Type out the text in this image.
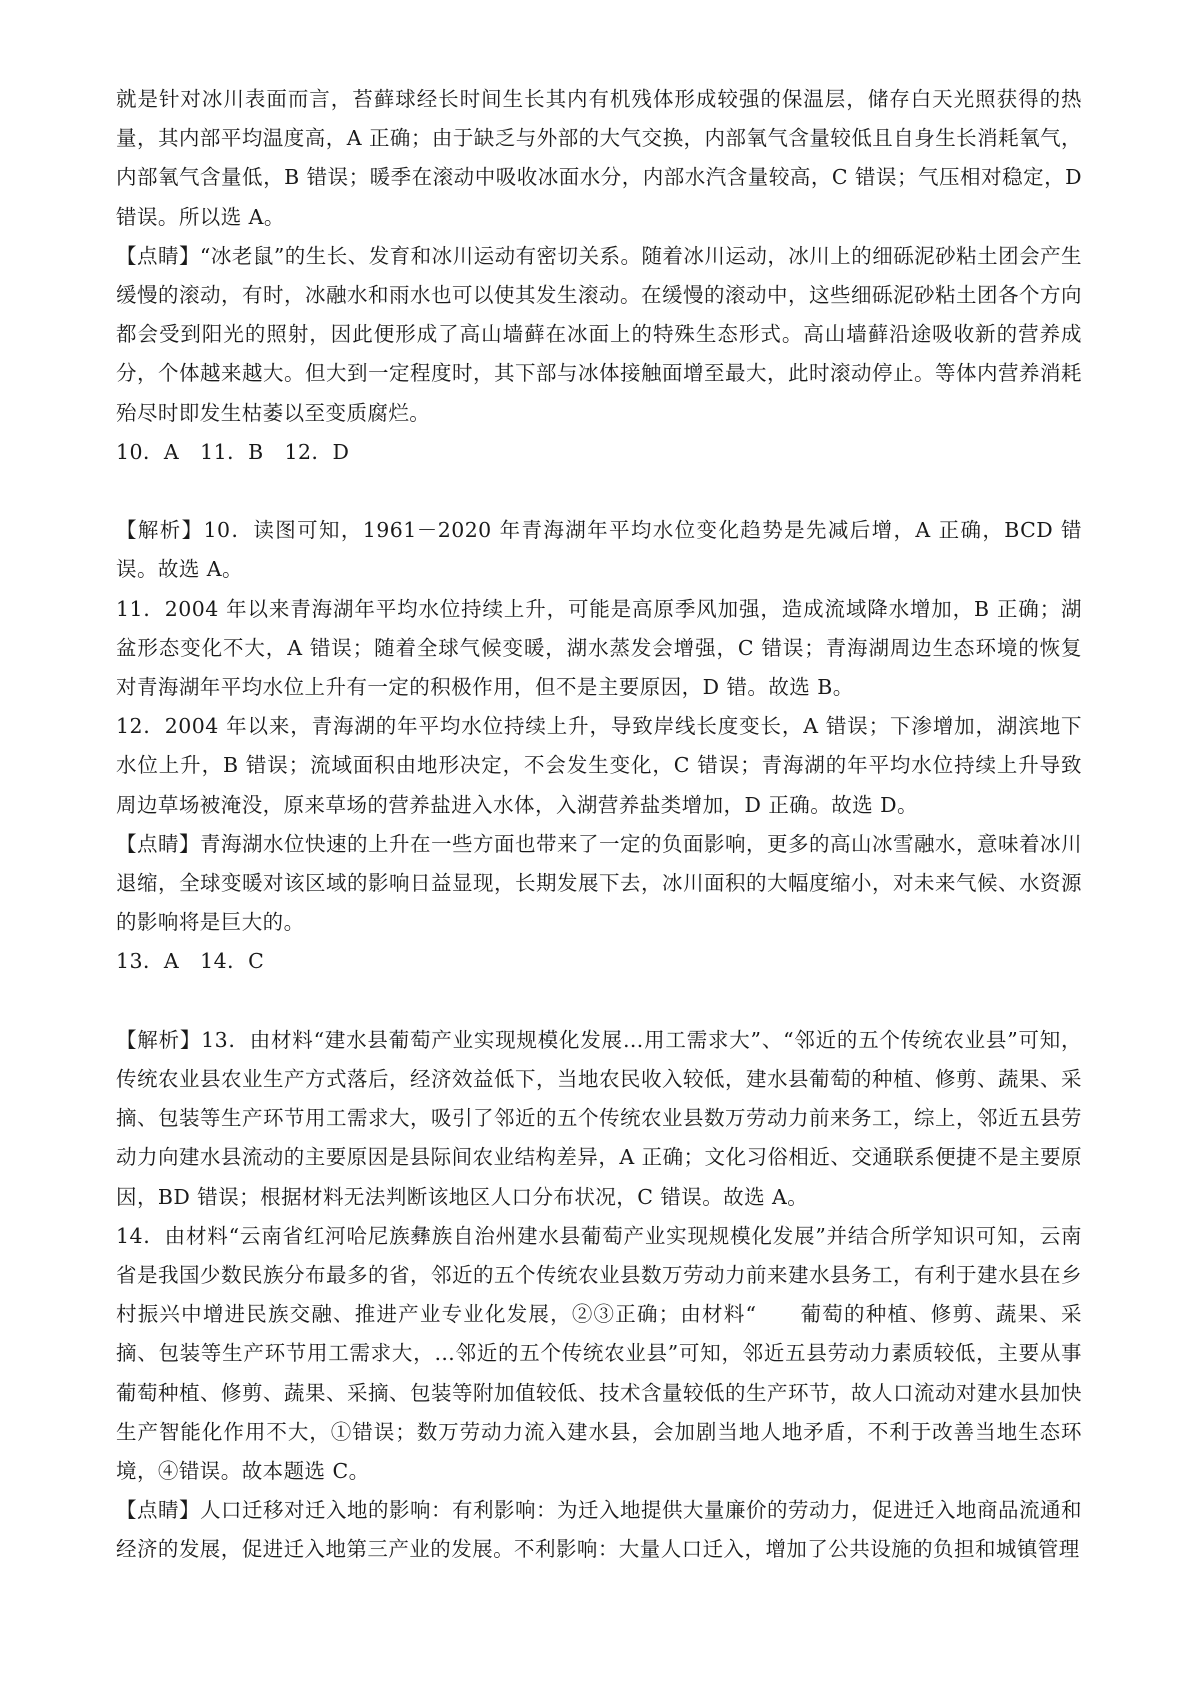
就是针对冰川表面而言，苔藓球经长时间生长其内有机残体形成较强的保温层，储存白天光照获得的热量，其内部平均温度高，A 正确；由于缺乏与外部的大气交换，内部氧气含量较低且自身生长消耗氧气，内部氧气含量低，B 错误；暖季在滚动中吸收冰面水分，内部水汽含量较高，C 错误；气压相对稳定，D 错误。所以选 A。

【点睛】“冰老鼠”的生长、发育和冰川运动有密切关系。随着冰川运动，冰川上的细砾泥砂粘土团会产生缓慢的滚动，有时，冰融水和雨水也可以使其发生滚动。在缓慢的滚动中，这些细砾泥砂粘土团各个方向都会受到阳光的照射，因此便形成了高山墙藓在冰面上的特殊生态形式。高山墙藓沿途吸收新的营养成分，个体越来越大。但大到一定程度时，其下部与冰体接触面增至最大，此时滚动停止。等体内营养消耗殆尽时即发生枯萎以至变质腐烂。

10．A　11．B　12．D

【解析】10．读图可知，1961－2020 年青海湖年平均水位变化趋势是先减后增，A 正确，BCD 错误。故选 A。

11．2004 年以来青海湖年平均水位持续上升，可能是高原季风加强，造成流域降水增加，B 正确；湖盆形态变化不大，A 错误；随着全球气候变暖，湖水蒸发会增强，C 错误；青海湖周边生态环境的恢复对青海湖年平均水位上升有一定的积极作用，但不是主要原因，D 错。故选 B。

12．2004 年以来，青海湖的年平均水位持续上升，导致岸线长度变长，A 错误；下渗增加，湖滨地下水位上升，B 错误；流域面积由地形决定，不会发生变化，C 错误；青海湖的年平均水位持续上升导致周边草场被淹没，原来草场的营养盐进入水体，入湖营养盐类增加，D 正确。故选 D。

【点睛】青海湖水位快速的上升在一些方面也带来了一定的负面影响，更多的高山冰雪融水，意味着冰川退缩，全球变暖对该区域的影响日益显现，长期发展下去，冰川面积的大幅度缩小，对未来气候、水资源的影响将是巨大的。

13．A　14．C

【解析】13．由材料“建水县葡萄产业实现规模化发展…用工需求大”、“邻近的五个传统农业县”可知，传统农业县农业生产方式落后，经济效益低下，当地农民收入较低，建水县葡萄的种植、修剪、蔬果、采摘、包装等生产环节用工需求大，吸引了邻近的五个传统农业县数万劳动力前来务工，综上，邻近五县劳动力向建水县流动的主要原因是县际间农业结构差异，A 正确；文化习俗相近、交通联系便捷不是主要原因，BD 错误；根据材料无法判断该地区人口分布状况，C 错误。故选 A。

14．由材料“云南省红河哈尼族彝族自治州建水县葡萄产业实现规模化发展”并结合所学知识可知，云南省是我国少数民族分布最多的省，邻近的五个传统农业县数万劳动力前来建水县务工，有利于建水县在乡村振兴中增进民族交融、推进产业专业化发展，②③正确；由材料“　　葡萄的种植、修剪、蔬果、采摘、包装等生产环节用工需求大，…邻近的五个传统农业县”可知，邻近五县劳动力素质较低，主要从事葡萄种植、修剪、蔬果、采摘、包装等附加值较低、技术含量较低的生产环节，故人口流动对建水县加快生产智能化作用不大，①错误；数万劳动力流入建水县，会加剧当地人地矛盾，不利于改善当地生态环境，④错误。故本题选 C。

【点睛】人口迁移对迁入地的影响：有利影响：为迁入地提供大量廉价的劳动力，促进迁入地商品流通和经济的发展，促进迁入地第三产业的发展。不利影响：大量人口迁入，增加了公共设施的负担和城镇管理
